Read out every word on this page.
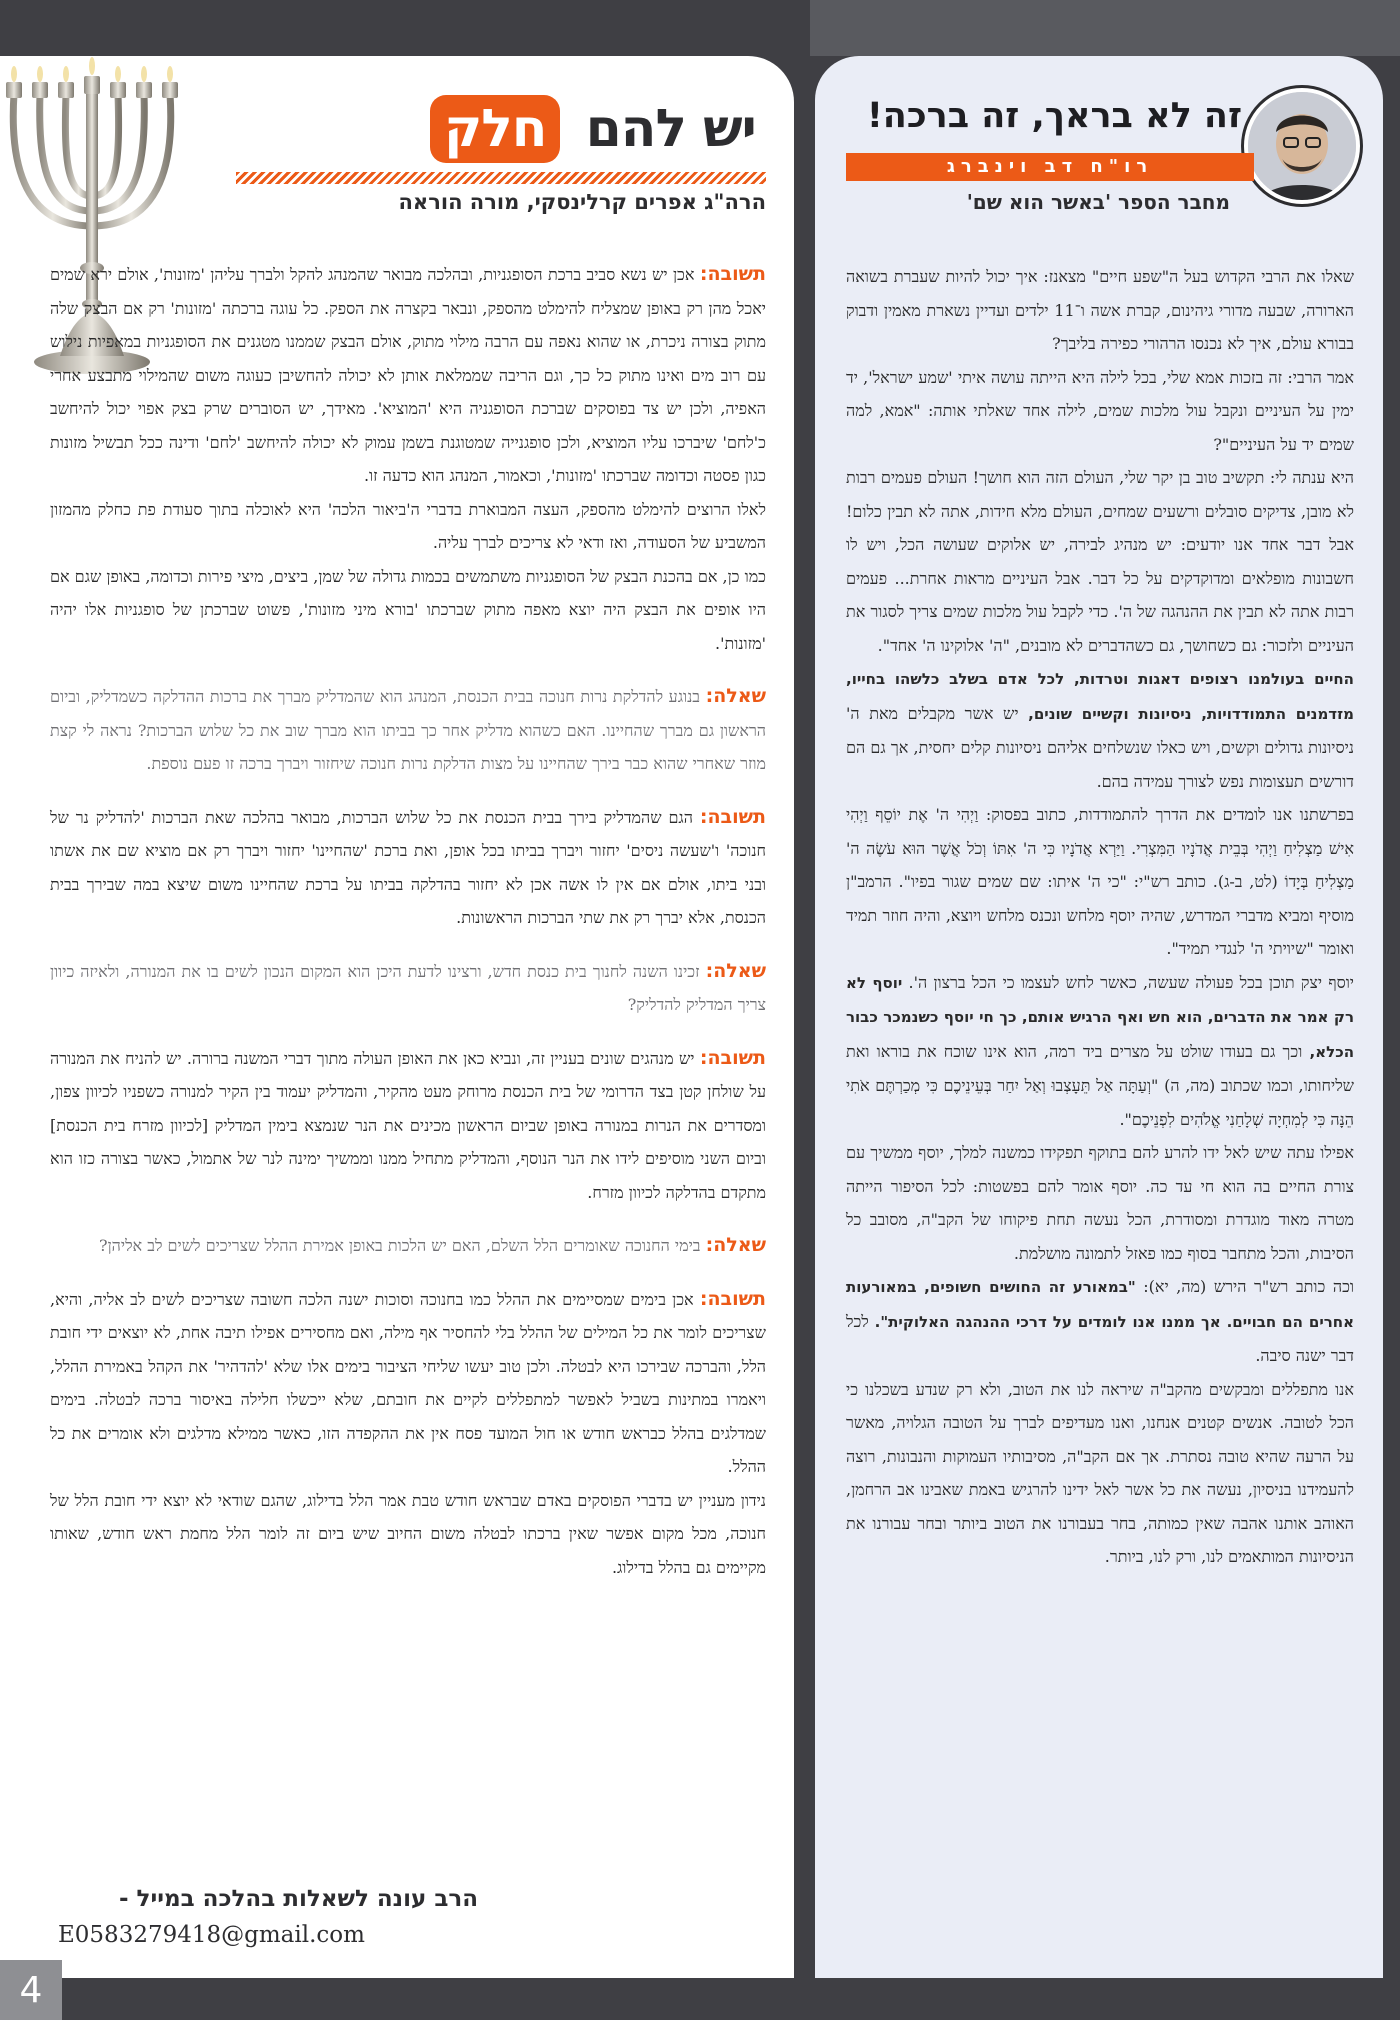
יש להם חלק
הרה"ג אפרים קרלינסקי, מורה הוראה

תשובה: אכן יש נשא סביב ברכת הסופגניות, ובהלכה מבואר שהמנהג להקל ולברך עליהן 'מזונות', אולם ירא שמים יאכל מהן רק באופן שמצליח להימלט מהספק, ונבאר בקצרה את הספק. כל עוגה ברכתה 'מזונות' רק אם הבצק שלה מתוק בצורה ניכרת, או שהוא נאפה עם הרבה מילוי מתוק, אולם הבצק שממנו מטגנים את הסופגניות במאפיות נילוש עם רוב מים ואינו מתוק כל כך, וגם הריבה שממלאת אותן לא יכולה להחשיבן כעוגה משום שהמילוי מתבצע אחרי האפיה, ולכן יש צד בפוסקים שברכת הסופגניה היא 'המוציא'. מאידך, יש הסוברים שרק בצק אפוי יכול להיחשב כ'לחם' שיברכו עליו המוציא, ולכן סופגנייה שמטוגנת בשמן עמוק לא יכולה להיחשב 'לחם' ודינה ככל תבשיל מזונות כגון פסטה וכדומה שברכתו 'מזונות', וכאמור, המנהג הוא כדעה זו.

לאלו הרוצים להימלט מהספק, העצה המבוארת בדברי ה'ביאור הלכה' היא לאוכלה בתוך סעודת פת כחלק מהמזון המשביע של הסעודה, ואז ודאי לא צריכים לברך עליה.

כמו כן, אם בהכנת הבצק של הסופגניות משתמשים בכמות גדולה של שמן, ביצים, מיצי פירות וכדומה, באופן שגם אם היו אופים את הבצק היה יוצא מאפה מתוק שברכתו 'בורא מיני מזונות', פשוט שברכתן של סופגניות אלו יהיה 'מזונות'.

שאלה: בנוגע להדלקת נרות חנוכה בבית הכנסת, המנהג הוא שהמדליק מברך את ברכות ההדלקה כשמדליק, וביום הראשון גם מברך שהחיינו. האם כשהוא מדליק אחר כך בביתו הוא מברך שוב את כל שלוש הברכות? נראה לי קצת מוזר שאחרי שהוא כבר בירך שהחיינו על מצות הדלקת נרות חנוכה שיחזור ויברך ברכה זו פעם נוספת.

תשובה: הגם שהמדליק בירך בבית הכנסת את כל שלוש הברכות, מבואר בהלכה שאת הברכות 'להדליק נר של חנוכה' ו'שעשה ניסים' יחזור ויברך בביתו בכל אופן, ואת ברכת 'שהחיינו' יחזור ויברך רק אם מוציא שם את אשתו ובני ביתו, אולם אם אין לו אשה אכן לא יחזור בהדלקה בביתו על ברכת שהחיינו משום שיצא במה שבירך בבית הכנסת, אלא יברך רק את שתי הברכות הראשונות.

שאלה: זכינו השנה לחנוך בית כנסת חדש, ורצינו לדעת היכן הוא המקום הנכון לשים בו את המנורה, ולאיזה כיוון צריך המדליק להדליק?

תשובה: יש מנהגים שונים בעניין זה, ונביא כאן את האופן העולה מתוך דברי המשנה ברורה. יש להניח את המנורה על שולחן קטן בצד הדרומי של בית הכנסת מרוחק מעט מהקיר, והמדליק יעמוד בין הקיר למנורה כשפניו לכיוון צפון, ומסדרים את הנרות במנורה באופן שביום הראשון מכינים את הנר שנמצא בימין המדליק [לכיוון מזרח בית הכנסת] וביום השני מוסיפים לידו את הנר הנוסף, והמדליק מתחיל ממנו וממשיך ימינה לנר של אתמול, כאשר בצורה כזו הוא מתקדם בהדלקה לכיוון מזרח.

שאלה: בימי החנוכה שאומרים הלל השלם, האם יש הלכות באופן אמירת ההלל שצריכים לשים לב אליהן?

תשובה: אכן בימים שמסיימים את ההלל כמו בחנוכה וסוכות ישנה הלכה חשובה שצריכים לשים לב אליה, והיא, שצריכים לומר את כל המילים של ההלל בלי להחסיר אף מילה, ואם מחסירים אפילו תיבה אחת, לא יוצאים ידי חובת הלל, והברכה שבירכו היא לבטלה. ולכן טוב יעשו שליחי הציבור בימים אלו שלא 'להדהיר' את הקהל באמירת ההלל, ויאמרו במתינות בשביל לאפשר למתפללים לקיים את חובתם, שלא ייכשלו חלילה באיסור ברכה לבטלה. בימים שמדלגים בהלל כבראש חודש או חול המועד פסח אין את ההקפדה הזו, כאשר ממילא מדלגים ולא אומרים את כל ההלל.

נידון מעניין יש בדברי הפוסקים באדם שבראש חודש טבת אמר הלל בדילוג, שהגם שודאי לא יוצא ידי חובת הלל של חנוכה, מכל מקום אפשר שאין ברכתו לבטלה משום החיוב שיש ביום זה לומר הלל מחמת ראש חודש, שאותו מקיימים גם בהלל בדילוג.

הרב עונה לשאלות בהלכה במייל -
E0583279418@gmail.com
זה לא בראך, זה ברכה!
רו"ח דב וינברג
מחבר הספר 'באשר הוא שם'

שאלו את הרבי הקדוש בעל ה"שפע חיים" מצאנז: איך יכול להיות שעברת בשואה הארורה, שבעה מדורי גיהינום, קברת אשה ו־11 ילדים ועדיין נשארת מאמין ודבוק בבורא עולם, איך לא נכנסו הרהורי כפירה בליבך?

אמר הרבי: זה בזכות אמא שלי, בכל לילה היא הייתה עושה איתי 'שמע ישראל', יד ימין על העיניים ונקבל עול מלכות שמים, לילה אחד שאלתי אותה: "אמא, למה שמים יד על העיניים"?

היא ענתה לי: תקשיב טוב בן יקר שלי, העולם הזה הוא חושך! העולם פעמים רבות לא מובן, צדיקים סובלים ורשעים שמחים, העולם מלא חידות, אתה לא תבין כלום! אבל דבר אחד אנו יודעים: יש מנהיג לבירה, יש אלוקים שעושה הכל, ויש לו חשבונות מופלאים ומדוקדקים על כל דבר. אבל העיניים מראות אחרת... פעמים רבות אתה לא תבין את ההנהגה של ה'. כדי לקבל עול מלכות שמים צריך לסגור את העיניים ולזכור: גם כשחושך, גם כשהדברים לא מובנים, "ה' אלוקינו ה' אחד".

החיים בעולמנו רצופים דאגות וטרדות, לכל אדם בשלב כלשהו בחייו, מזדמנים התמודדויות, ניסיונות וקשיים שונים, יש אשר מקבלים מאת ה' ניסיונות גדולים וקשים, ויש כאלו שנשלחים אליהם ניסיונות קלים יחסית, אך גם הם דורשים תעצומות נפש לצורך עמידה בהם.

בפרשתנו אנו לומדים את הדרך להתמודדות, כתוב בפסוק: וַיְהִי ה' אֶת יוֹסֵף וַיְהִי אִישׁ מַצְלִיחַ וַיְהִי בְּבֵית אֲדֹנָיו הַמִּצְרִי. וַיַּרְא אֲדֹנָיו כִּי ה' אִתּוֹ וְכֹל אֲשֶׁר הוּא עֹשֶׂה ה' מַצְלִיחַ בְּיָדוֹ (לט, ב-ג). כותב רש"י: "כי ה' איתו: שם שמים שגור בפיו". הרמב"ן מוסיף ומביא מדברי המדרש, שהיה יוסף מלחש ונכנס מלחש ויוצא, והיה חוזר תמיד ואומר "שיויתי ה' לנגדי תמיד".

יוסף יצק תוכן בכל פעולה שעשה, כאשר לחש לעצמו כי הכל ברצון ה'. יוסף לא רק אמר את הדברים, הוא חש ואף הרגיש אותם, כך חי יוסף כשנמכר כבור הכלא, וכך גם בעודו שולט על מצרים ביד רמה, הוא אינו שוכח את בוראו ואת שליחותו, וכמו שכתוב (מה, ה) "וְעַתָּה אַל תֵּעָצְבוּ וְאַל יִחַר בְּעֵינֵיכֶם כִּי מְכַרְתֶּם אֹתִי הֵנָּה כִּי לְמִחְיָה שְׁלָחַנִי אֱלֹהִים לִפְנֵיכֶם".

אפילו עתה שיש לאל ידו להרע להם בתוקף תפקידו כמשנה למלך, יוסף ממשיך עם צורת החיים בה הוא חי עד כה. יוסף אומר להם בפשטות: לכל הסיפור הייתה מטרה מאוד מוגדרת ומסודרת, הכל נעשה תחת פיקוחו של הקב"ה, מסובב כל הסיבות, והכל מתחבר בסוף כמו פאזל לתמונה מושלמת.

וכה כותב רש"ר הירש (מה, יא): "במאורע זה החושים חשופים, במאורעות אחרים הם חבויים. אך ממנו אנו לומדים על דרכי ההנהגה האלוקית". לכל דבר ישנה סיבה.

אנו מתפללים ומבקשים מהקב"ה שיראה לנו את הטוב, ולא רק שנדע בשכלנו כי הכל לטובה. אנשים קטנים אנחנו, ואנו מעדיפים לברך על הטובה הגלויה, מאשר על הרעה שהיא טובה נסתרת. אך אם הקב"ה, מסיבותיו העמוקות והנבונות, רוצה להעמידנו בניסיון, נעשה את כל אשר לאל ידינו להרגיש באמת שאבינו אב הרחמן, האוהב אותנו אהבה שאין כמותה, בחר בעבורנו את הטוב ביותר ובחר עבורנו את הניסיונות המותאמים לנו, ורק לנו, ביותר.

4
